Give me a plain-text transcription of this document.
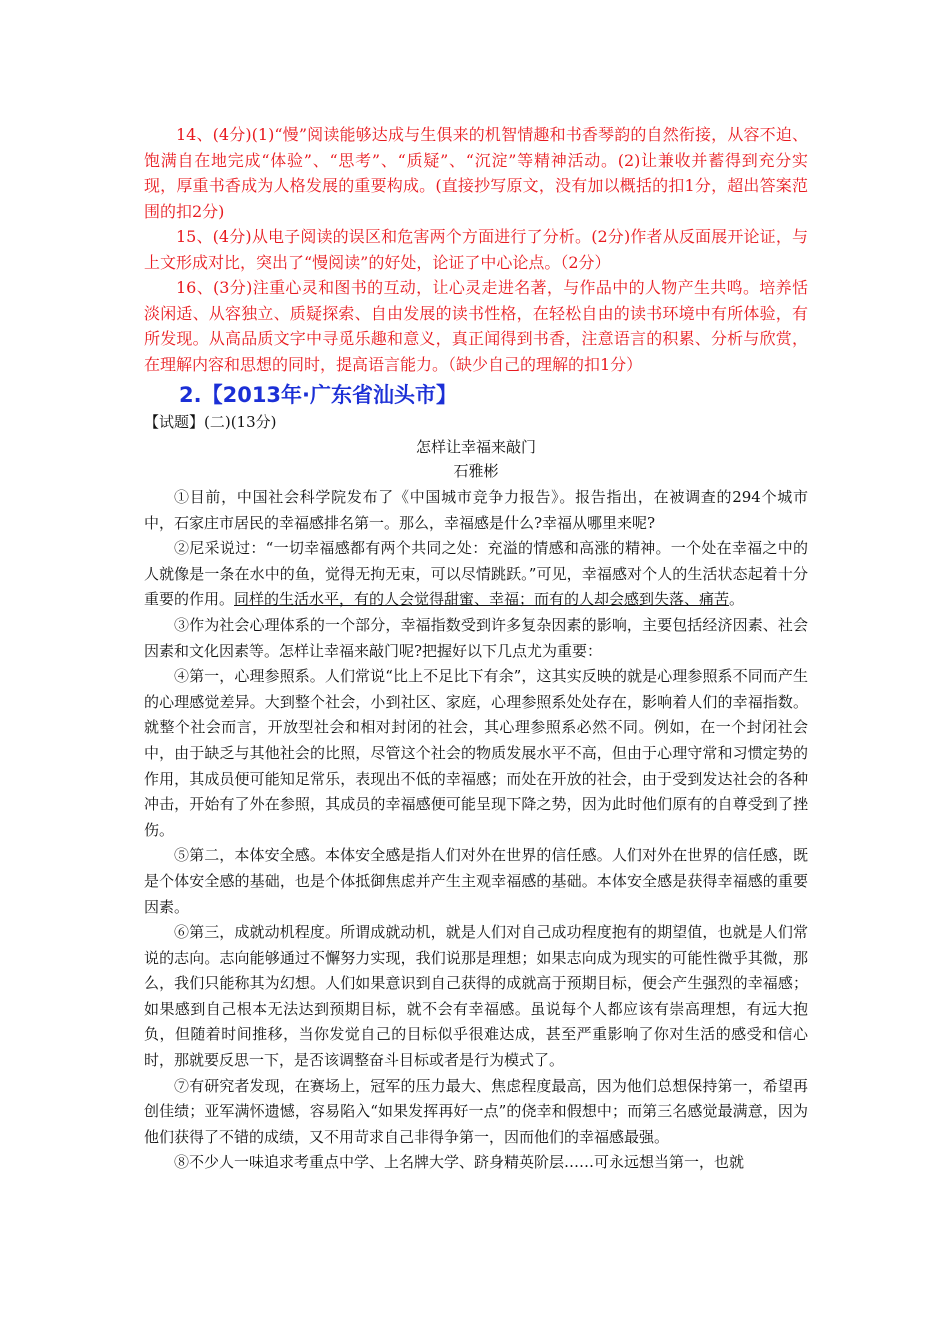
14、(4分)(1)“慢”阅读能够达成与生俱来的机智情趣和书香琴韵的自然衔接，从容不迫、饱满自在地完成“体验”、“思考”、“质疑”、“沉淀”等精神活动。(2)让兼收并蓄得到充分实现，厚重书香成为人格发展的重要构成。(直接抄写原文，没有加以概括的扣1分，超出答案范围的扣2分)

15、(4分)从电子阅读的误区和危害两个方面进行了分析。(2分)作者从反面展开论证，与上文形成对比，突出了“慢阅读”的好处，论证了中心论点。（2分）

16、(3分)注重心灵和图书的互动，让心灵走进名著，与作品中的人物产生共鸣。培养恬淡闲适、从容独立、质疑探索、自由发展的读书性格，在轻松自由的读书环境中有所体验，有所发现。从高品质文字中寻觅乐趣和意义，真正闻得到书香，注意语言的积累、分析与欣赏，在理解内容和思想的同时，提高语言能力。（缺少自己的理解的扣1分）

2.【2013年·广东省汕头市】
【试题】(二)(13分)
怎样让幸福来敲门
石雅彬

①目前，中国社会科学院发布了《中国城市竞争力报告》。报告指出，在被调查的294个城市中，石家庄市居民的幸福感排名第一。那么，幸福感是什么?幸福从哪里来呢?

②尼采说过：“一切幸福感都有两个共同之处：充溢的情感和高涨的精神。一个处在幸福之中的人就像是一条在水中的鱼，觉得无拘无束，可以尽情跳跃。”可见，幸福感对个人的生活状态起着十分重要的作用。同样的生活水平，有的人会觉得甜蜜、幸福；而有的人却会感到失落、痛苦。

③作为社会心理体系的一个部分，幸福指数受到许多复杂因素的影响，主要包括经济因素、社会因素和文化因素等。怎样让幸福来敲门呢?把握好以下几点尤为重要：

④第一，心理参照系。人们常说“比上不足比下有余”，这其实反映的就是心理参照系不同而产生的心理感觉差异。大到整个社会，小到社区、家庭，心理参照系处处存在，影响着人们的幸福指数。就整个社会而言，开放型社会和相对封闭的社会，其心理参照系必然不同。例如，在一个封闭社会中，由于缺乏与其他社会的比照，尽管这个社会的物质发展水平不高，但由于心理守常和习惯定势的作用，其成员便可能知足常乐，表现出不低的幸福感；而处在开放的社会，由于受到发达社会的各种冲击，开始有了外在参照，其成员的幸福感便可能呈现下降之势，因为此时他们原有的自尊受到了挫伤。

⑤第二，本体安全感。本体安全感是指人们对外在世界的信任感。人们对外在世界的信任感，既是个体安全感的基础，也是个体抵御焦虑并产生主观幸福感的基础。本体安全感是获得幸福感的重要因素。

⑥第三，成就动机程度。所谓成就动机，就是人们对自己成功程度抱有的期望值，也就是人们常说的志向。志向能够通过不懈努力实现，我们说那是理想；如果志向成为现实的可能性微乎其微，那么，我们只能称其为幻想。人们如果意识到自己获得的成就高于预期目标，便会产生强烈的幸福感；如果感到自己根本无法达到预期目标，就不会有幸福感。虽说每个人都应该有崇高理想，有远大抱负，但随着时间推移，当你发觉自己的目标似乎很难达成，甚至严重影响了你对生活的感受和信心时，那就要反思一下，是否该调整奋斗目标或者是行为模式了。

⑦有研究者发现，在赛场上，冠军的压力最大、焦虑程度最高，因为他们总想保持第一，希望再创佳绩；亚军满怀遗憾，容易陷入“如果发挥再好一点”的侥幸和假想中；而第三名感觉最满意，因为他们获得了不错的成绩，又不用苛求自己非得争第一，因而他们的幸福感最强。

⑧不少人一味追求考重点中学、上名牌大学、跻身精英阶层……可永远想当第一，也就
